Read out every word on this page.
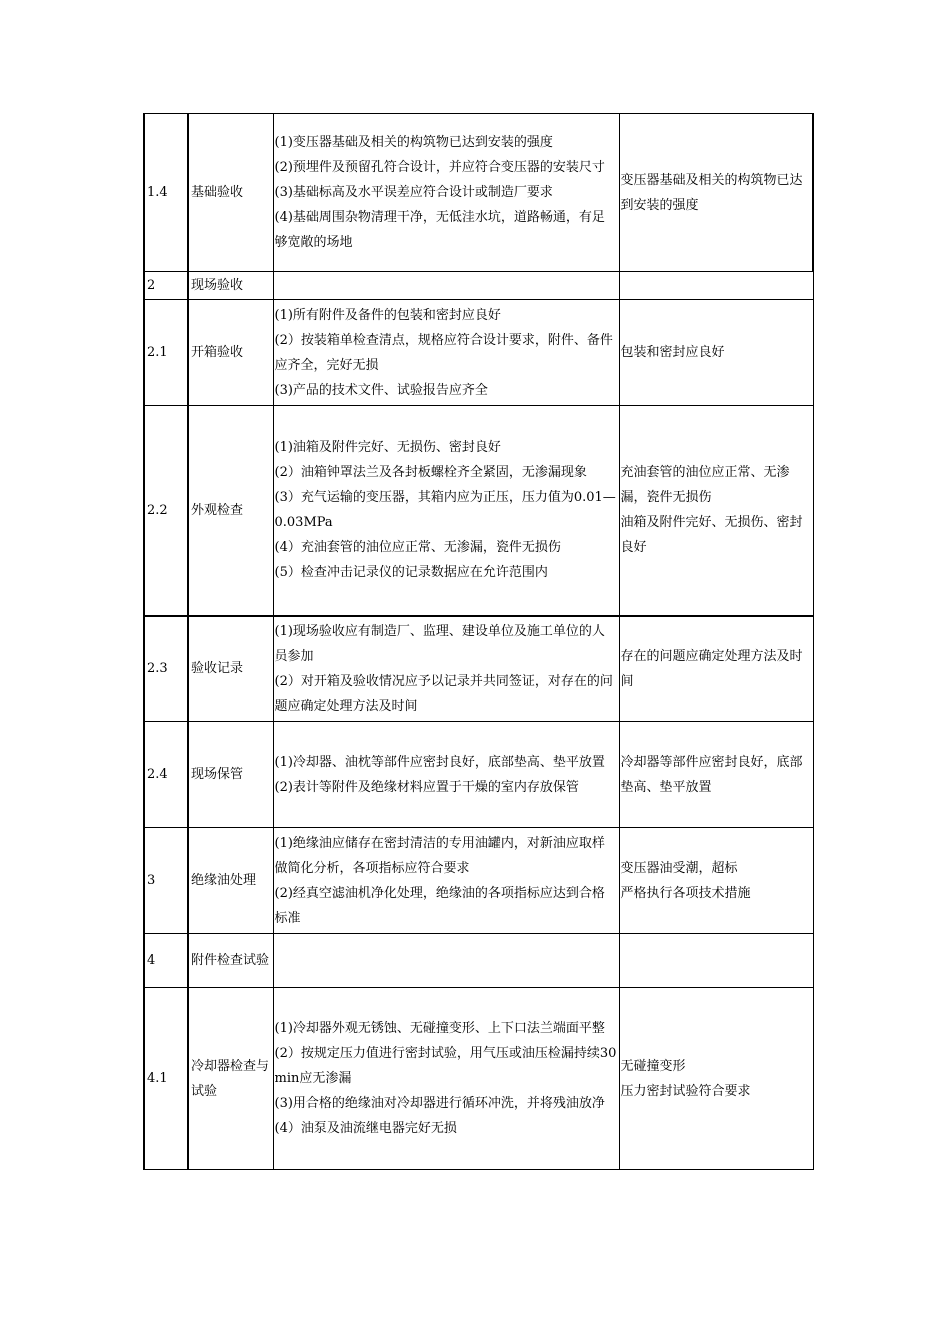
1.4	基础验收	(1)变压器基础及相关的构筑物已达到安装的强度
(2)预埋件及预留孔符合设计，并应符合变压器的安装尺寸
(3)基础标高及水平误差应符合设计或制造厂要求
(4)基础周围杂物清理干净，无低洼水坑，道路畅通，有足够宽敞的场地	变压器基础及相关的构筑物已达到安装的强度

2	现场验收		
2.1	开箱验收	(1)所有附件及备件的包装和密封应良好
(2）按装箱单检查清点，规格应符合设计要求，附件、备件应齐全，完好无损
(3)产品的技术文件、试验报告应齐全	包装和密封应良好

2.2	外观检查	(1)油箱及附件完好、无损伤、密封良好
(2）油箱钟罩法兰及各封板螺栓齐全紧固，无渗漏现象
(3）充气运输的变压器，其箱内应为正压，压力值为0.01—0.03MPa
(4）充油套管的油位应正常、无渗漏，瓷件无损伤
(5）检查冲击记录仪的记录数据应在允许范围内	充油套管的油位应正常、无渗漏，瓷件无损伤
油箱及附件完好、无损伤、密封良好

2.3	验收记录	(1)现场验收应有制造厂、监理、建设单位及施工单位的人员参加
(2）对开箱及验收情况应予以记录并共同签证，对存在的问题应确定处理方法及时间	存在的问题应确定处理方法及时间

2.4	现场保管	(1)冷却器、油枕等部件应密封良好，底部垫高、垫平放置
(2)表计等附件及绝缘材料应置于干燥的室内存放保管	冷却器等部件应密封良好，底部垫高、垫平放置

3	绝缘油处理	(1)绝缘油应储存在密封清洁的专用油罐内，对新油应取样做简化分析，各项指标应符合要求
(2)经真空滤油机净化处理，绝缘油的各项指标应达到合格标准	变压器油受潮，超标
严格执行各项技术措施

4	附件检查试验		
4.1	冷却器检查与试验	(1)冷却器外观无锈蚀、无碰撞变形、上下口法兰端面平整
(2）按规定压力值进行密封试验，用气压或油压检漏持续30min应无渗漏
(3)用合格的绝缘油对冷却器进行循环冲洗，并将残油放净
(4）油泵及油流继电器完好无损	无碰撞变形
压力密封试验符合要求
